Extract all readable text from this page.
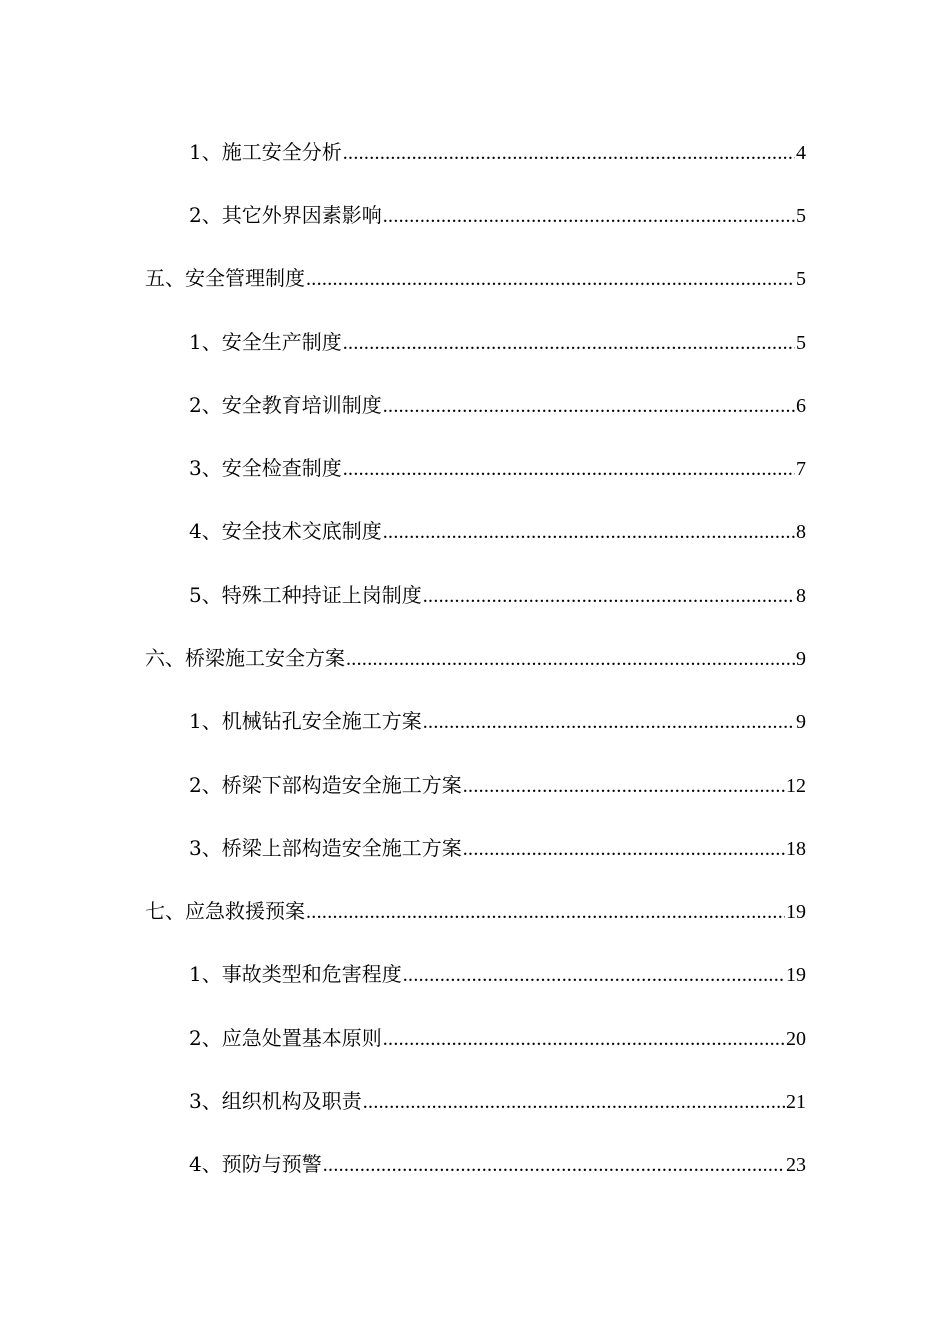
1、施工安全分析 .....	4
2、其它外界因素影响 .....	5
五、安全管理制度 .....	5
1、安全生产制度 .....	5
2、安全教育培训制度 .....	6
3、安全检查制度 .....	7
4、安全技术交底制度 .....	8
5、特殊工种持证上岗制度 .....	8
六、桥梁施工安全方案 .....	9
1、机械钻孔安全施工方案 .....	9
2、桥梁下部构造安全施工方案 .....	12
3、桥梁上部构造安全施工方案 .....	18
七、应急救援预案 .....	19
1、事故类型和危害程度 .....	19
2、应急处置基本原则 .....	20
3、组织机构及职责 .....	21
4、预防与预警 .....	23
